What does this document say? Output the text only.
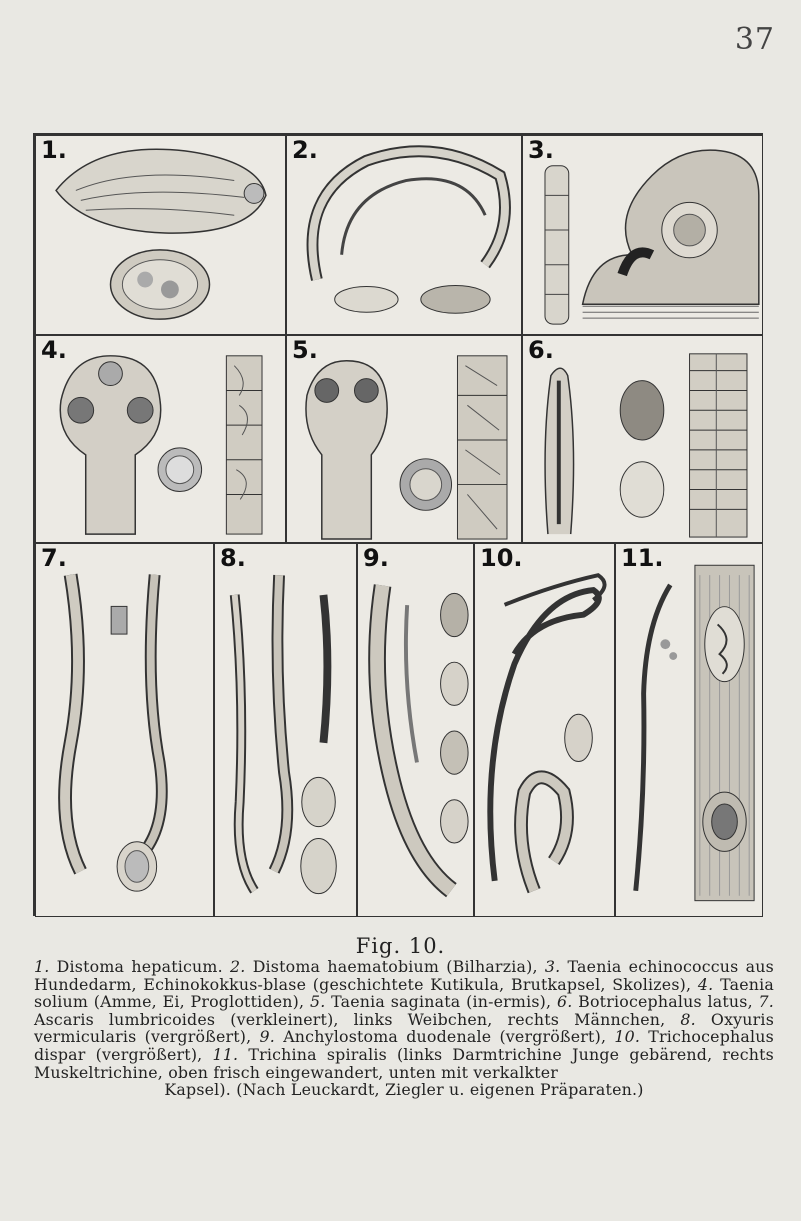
37
1.	2.	3.
4.	5.	6.
7.	8.	9.	10.	11.
Fig. 10.
1. Distoma hepaticum. 2. Distoma haematobium (Bilharzia), 3. Taenia echinococcus aus Hundedarm, Echinokokkus-blase (geschichtete Kutikula, Brutkapsel, Skolizes), 4. Taenia solium (Amme, Ei, Proglottiden), 5. Taenia saginata (in-ermis), 6. Botriocephalus latus, 7. Ascaris lumbricoides (verkleinert), links Weibchen, rechts Männchen, 8. Oxyuris vermicularis (vergrößert), 9. Anchylostoma duodenale (vergrößert), 10. Trichocephalus dispar (vergrößert), 11. Trichina spiralis (links Darmtrichine Junge gebärend, rechts Muskeltrichine, oben frisch eingewandert, unten mit verkalkter
Kapsel). (Nach Leuckardt, Ziegler u. eigenen Präparaten.)
